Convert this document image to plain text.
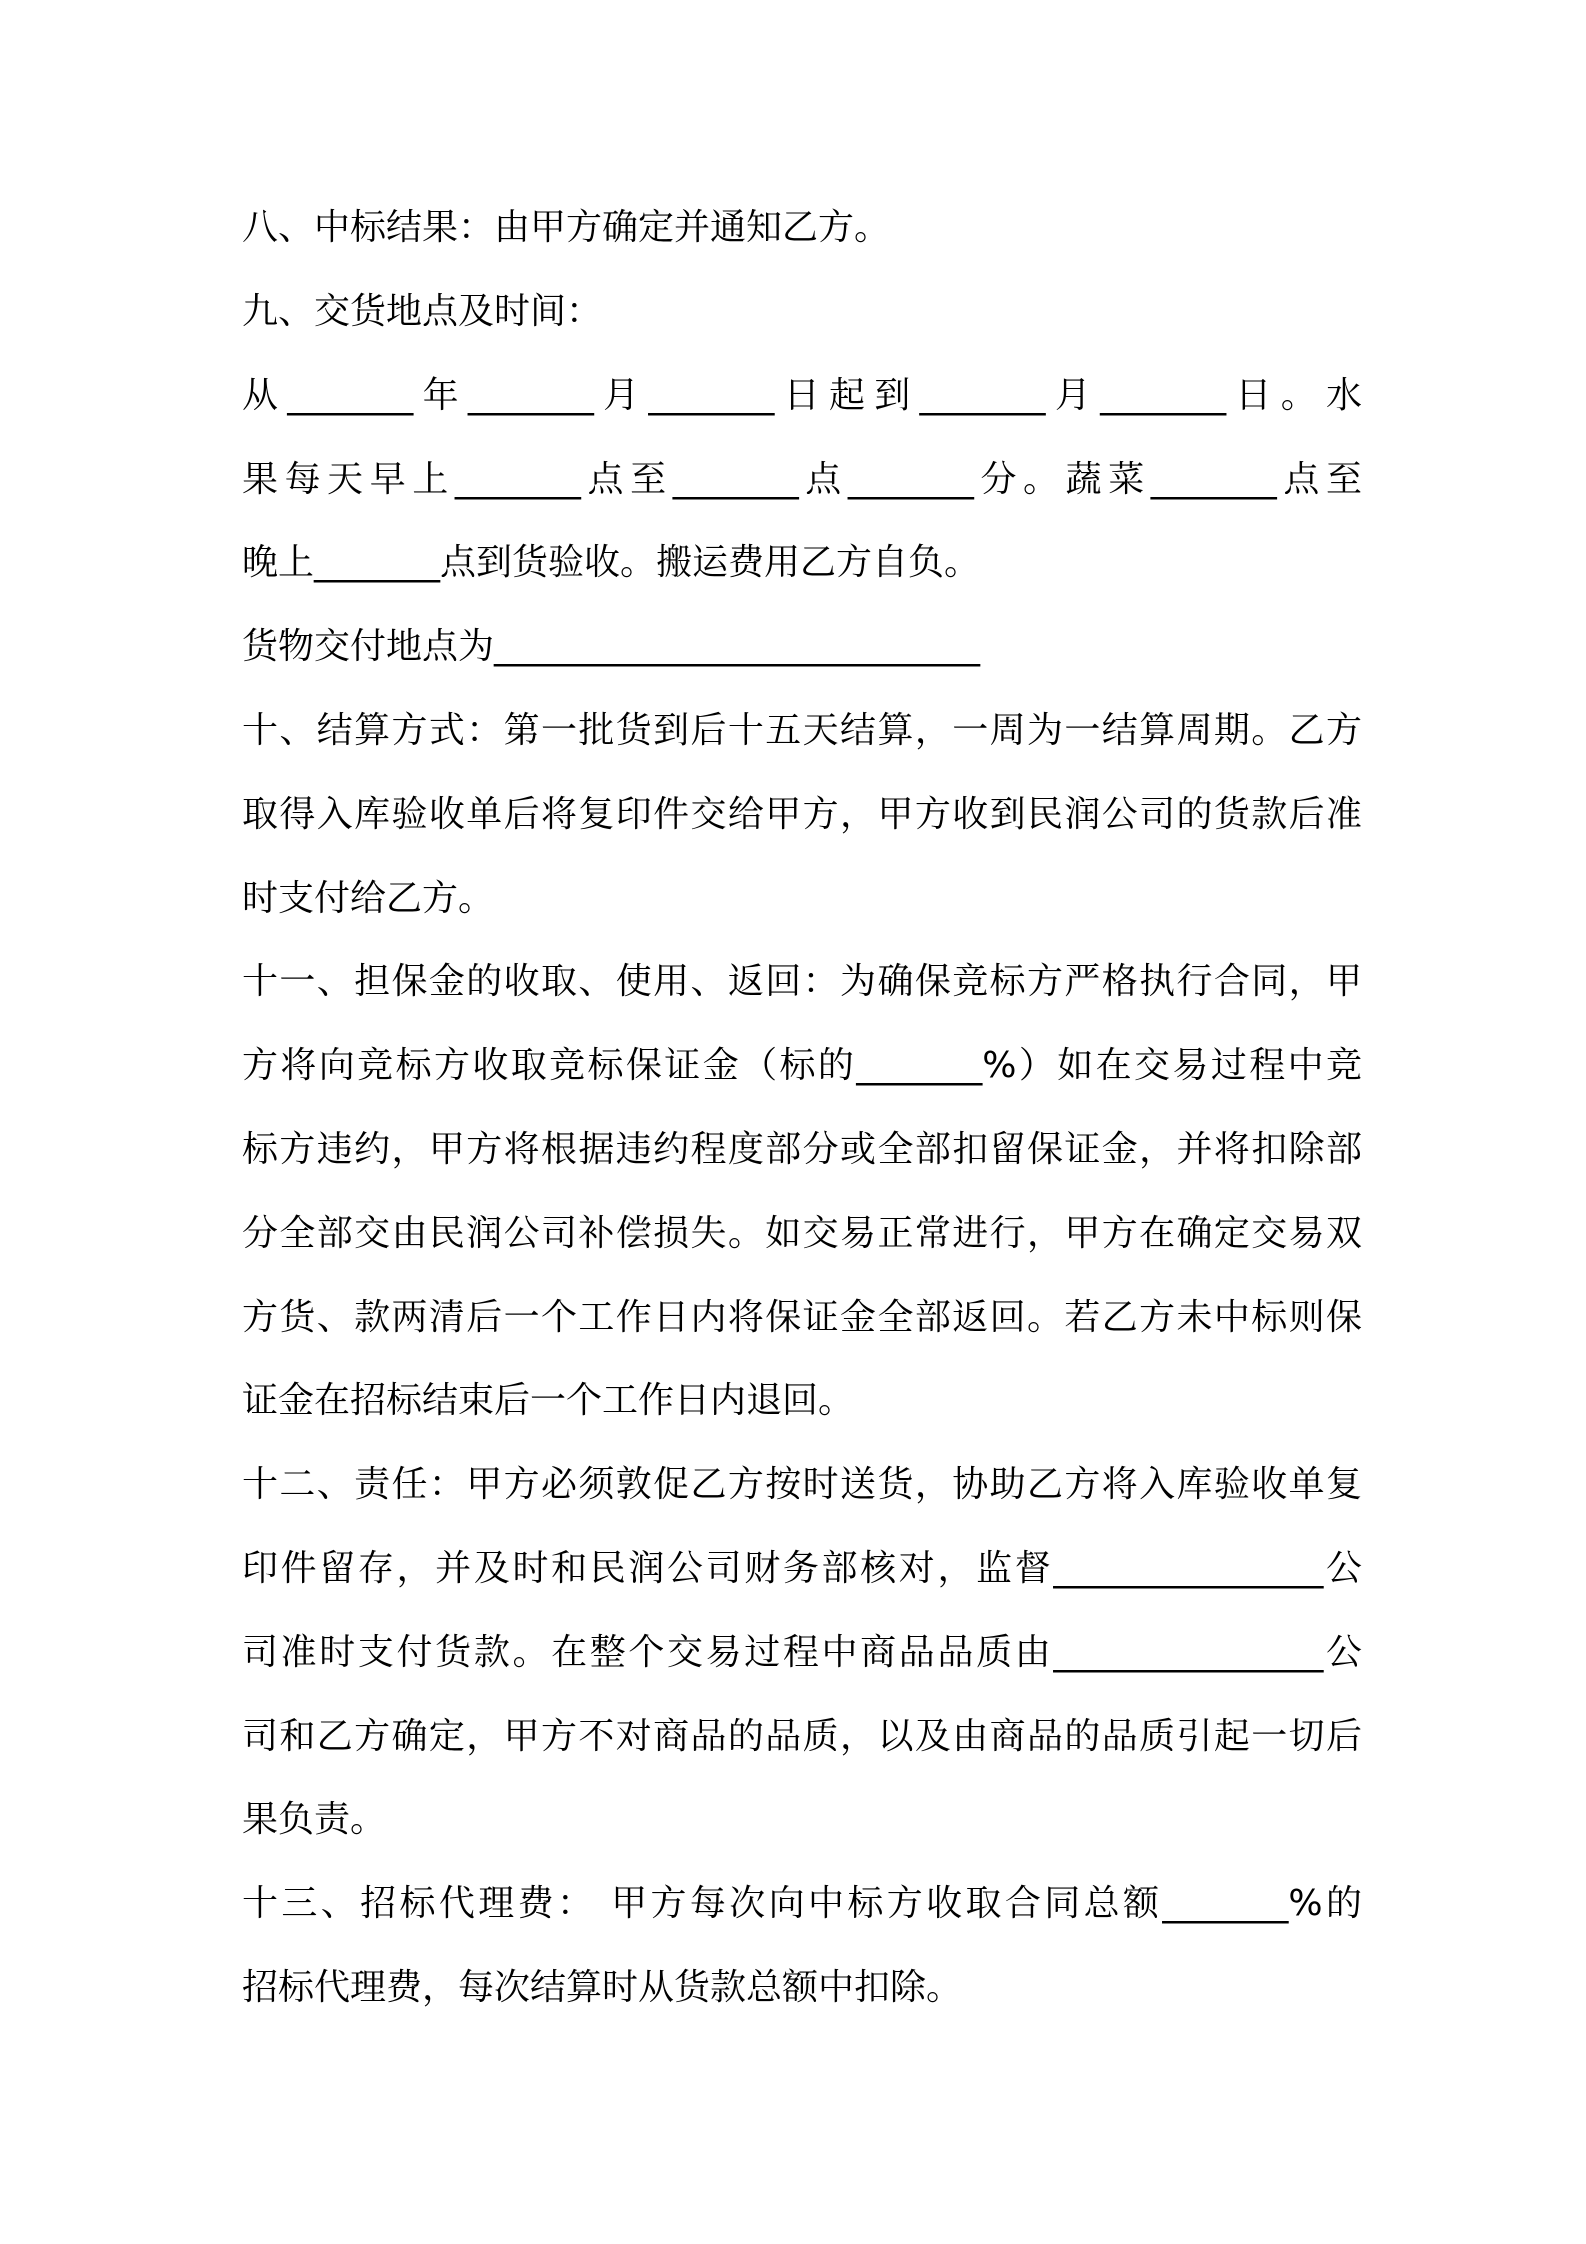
八、中标结果：由甲方确定并通知乙方。
九、交货地点及时间：
从_______年_______月_______日起到_______月_______日。水
果每天早上_______点至_______点_______分。蔬菜_______点至
晚上_______点到货验收。搬运费用乙方自负。
货物交付地点为___________________________
十、结算方式：第一批货到后十五天结算，一周为一结算周期。乙方
取得入库验收单后将复印件交给甲方，甲方收到民润公司的货款后准
时支付给乙方。
十一、担保金的收取、使用、返回：为确保竞标方严格执行合同，甲
方将向竞标方收取竞标保证金（标的_______%）如在交易过程中竞
标方违约，甲方将根据违约程度部分或全部扣留保证金，并将扣除部
分全部交由民润公司补偿损失。如交易正常进行，甲方在确定交易双
方货、款两清后一个工作日内将保证金全部返回。若乙方未中标则保
证金在招标结束后一个工作日内退回。
十二、责任：甲方必须敦促乙方按时送货，协助乙方将入库验收单复
印件留存，并及时和民润公司财务部核对，监督_______________公
司准时支付货款。在整个交易过程中商品品质由_______________公
司和乙方确定，甲方不对商品的品质，以及由商品的品质引起一切后
果负责。
十三、招标代理费： 甲方每次向中标方收取合同总额_______%的
招标代理费，每次结算时从货款总额中扣除。
